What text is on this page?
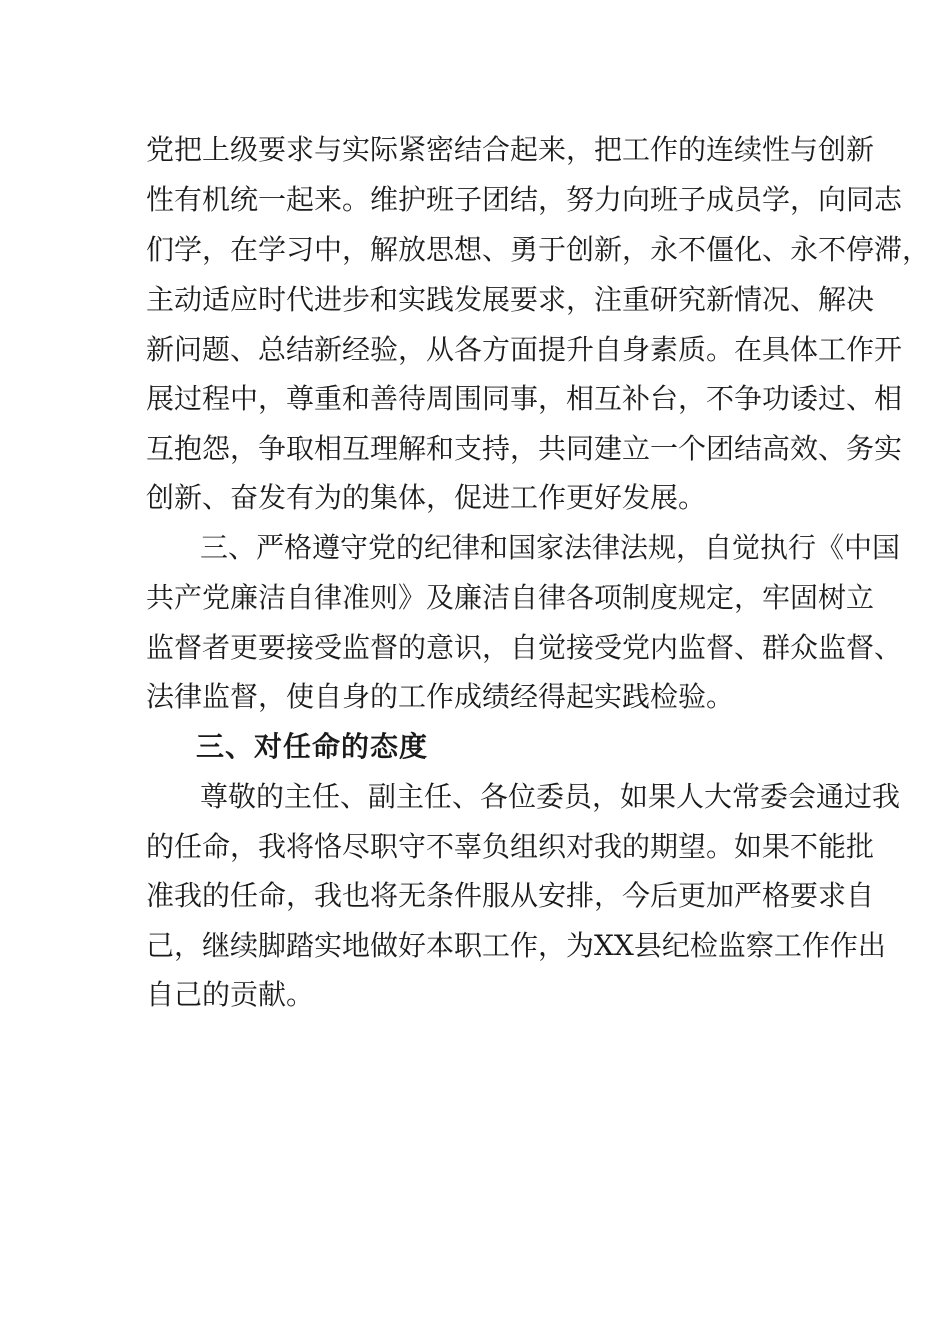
党把上级要求与实际紧密结合起来，把工作的连续性与创新
性有机统一起来。维护班子团结，努力向班子成员学，向同志
们学，在学习中，解放思想、勇于创新，永不僵化、永不停滞，
主动适应时代进步和实践发展要求，注重研究新情况、解决
新问题、总结新经验，从各方面提升自身素质。在具体工作开
展过程中，尊重和善待周围同事，相互补台，不争功诿过、相
互抱怨，争取相互理解和支持，共同建立一个团结高效、务实
创新、奋发有为的集体，促进工作更好发展。
三、严格遵守党的纪律和国家法律法规，自觉执行《中国
共产党廉洁自律准则》及廉洁自律各项制度规定，牢固树立
监督者更要接受监督的意识，自觉接受党内监督、群众监督、
法律监督，使自身的工作成绩经得起实践检验。
三、对任命的态度
尊敬的主任、副主任、各位委员，如果人大常委会通过我
的任命，我将恪尽职守不辜负组织对我的期望。如果不能批
准我的任命，我也将无条件服从安排，今后更加严格要求自
己，继续脚踏实地做好本职工作，为XX县纪检监察工作作出
自己的贡献。
